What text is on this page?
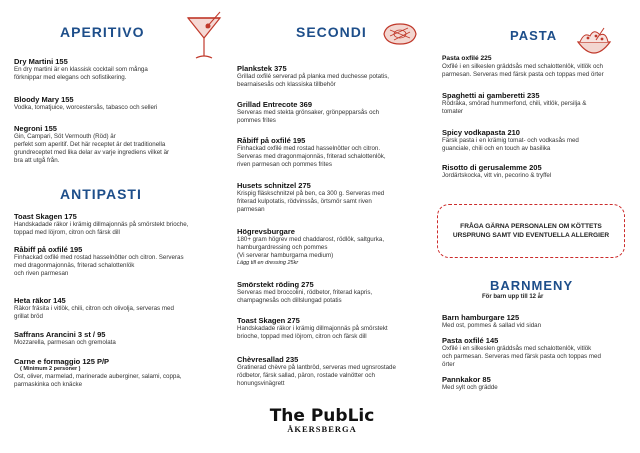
APERITIVO
ANTIPASTI
SECONDI	PASTA
BARNMENY
För barn upp till 12 år
Dry Martini 155
En dry martini är en klassisk cocktail som många
förknippar med elegans och sofistikering.
Bloody Mary 155
Vodka, tomatjuice, worcestersås, tabasco och selleri
Negroni 155
Gin, Campari, Söt Vermouth (Röd) är
perfekt som aperitif. Det här receptet är det traditionella
grundreceptet med lika delar av varje ingrediens vilket är
bra att utgå från.
Toast Skagen 175
Handskadade räkor i krämig dillmajonnäs på smörstekt brioche,
toppad med löjrom, citron och färsk dill
Råbiff på oxfilé 195
Finhackad oxfilé med rostad hasselnötter och citron. Serveras
med dragonmajonnäs, friterad schalottenlök
och riven parmesan
Heta räkor 145
Räkor fräsita i vitlök, chili, citron och olivolja, serveras med
grillat bröd
Saffrans Arancini 3 st / 95
Mozzarella, parmesan och gremolata
Carne e formaggio 125 P/P
( Minimum 2 personer )
Ost, oliver, marmelad, marinerade auberginer, salami, coppa,
parmaskinka och knäcke
Plankstek 375
Grillad oxfilé serverad på planka med duchesse potatis,
bearnaisesås och klassiska tillbehör
Grillad Entrecote 369
Serveras med stekta grönsaker, grönpepparsås och
pommes frites
Råbiff på oxfilé 195
Finhackad oxfilé med rostad hasselnötter och citron.
Serveras med dragonmajonnäs, friterad schalottenlök,
riven parmesan och pommes frites
Husets schnitzel 275
Krispig fläskschnitzel på ben, ca 300 g. Serveras med
friterad kulpotatis, rödvinssås, örtsmör samt riven
parmesan
Högrevsburgare
180+ gram högrev med chaddarost, rödlök, saltgurka,
hamburgardressing och pommes
(Vi serverar hamburgarna medium)
Lägg till en dressing 25kr
Smörstekt röding 275
Serveras med broccolini, rödbetor, friterad kapris,
champagnesås och dillslungad potatis
Toast Skagen 275
Handskadade räkor i krämig dillmajonnäs på smörstekt
brioche, toppad med löjrom, citron och färsk dill
Chèvresallad 235
Gratinerad chèvre på lantbröd, serveras med ugnsrostade
rödbetor, färsk sallad, päron, rostade valnötter och
honungsvinägrett
Pasta oxfilé 225
Oxfilé i en silkeslen gräddsås med schalottenlök, vitlök och
parmesan. Serveras med färsk pasta och toppas med örter
Spaghetti ai gamberetti 235
Rödräka, smörad hummerfond, chili, vitlök, persilja &
tomater
Spicy vodkapasta 210
Färsk pasta i en krämig tomat- och vodkasås med
guanciale, chili och en touch av basilika
Risotto di gerusalemme 205
Jordärtskocka, vitt vin, pecorino & tryffel
FRÅGA GÄRNA PERSONALEN OM KÖTTETS URSPRUNG SAMT VID EVENTUELLA ALLERGIER
Barn hamburgare 125
Med ost, pommes & sallad vid sidan
Pasta oxfilé 145
Oxfilé i en silkeslen gräddsås med schalottenlök, vitlök
och parmesan. Serveras med färsk pasta och toppas med
örter
Pannkakor 85
Med sylt och grädde
The PubLic
ÅKERSBERGA
